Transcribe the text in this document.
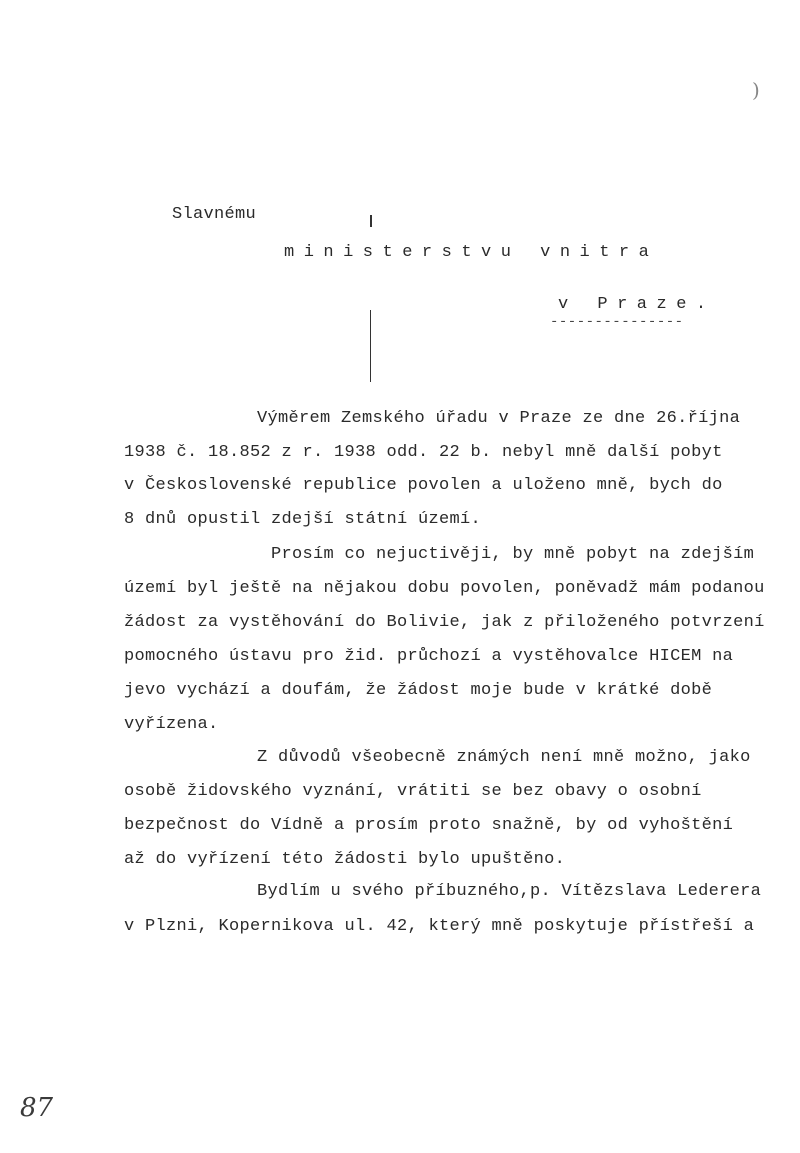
)
Slavnému
ministerstvu vnitra
v Praze.
---------------
Výměrem Zemského úřadu v Praze ze dne 26.října
1938 č. 18.852 z r. 1938 odd. 22 b. nebyl mně další pobyt
v Československé republice povolen a uloženo mně, bych do
8 dnů opustil zdejší státní území.
Prosím co nejuctivěji, by mně pobyt na zdejším
území byl ještě na nějakou dobu povolen, poněvadž mám podanou
žádost za vystěhování do Bolivie, jak z přiloženého potvrzení
pomocného ústavu pro žid. průchozí a vystěhovalce HICEM na
jevo vychází a doufám, že žádost moje bude v krátké době
vyřízena.
Z důvodů všeobecně známých není mně možno, jako
osobě židovského vyznání, vrátiti se bez obavy o osobní
bezpečnost do Vídně a prosím proto snažně, by od vyhoštění
až do vyřízení této žádosti bylo upuštěno.
Bydlím u svého příbuzného,p. Vítězslava Lederera
v Plzni, Kopernikova ul. 42, který mně poskytuje přístřeší a
87
